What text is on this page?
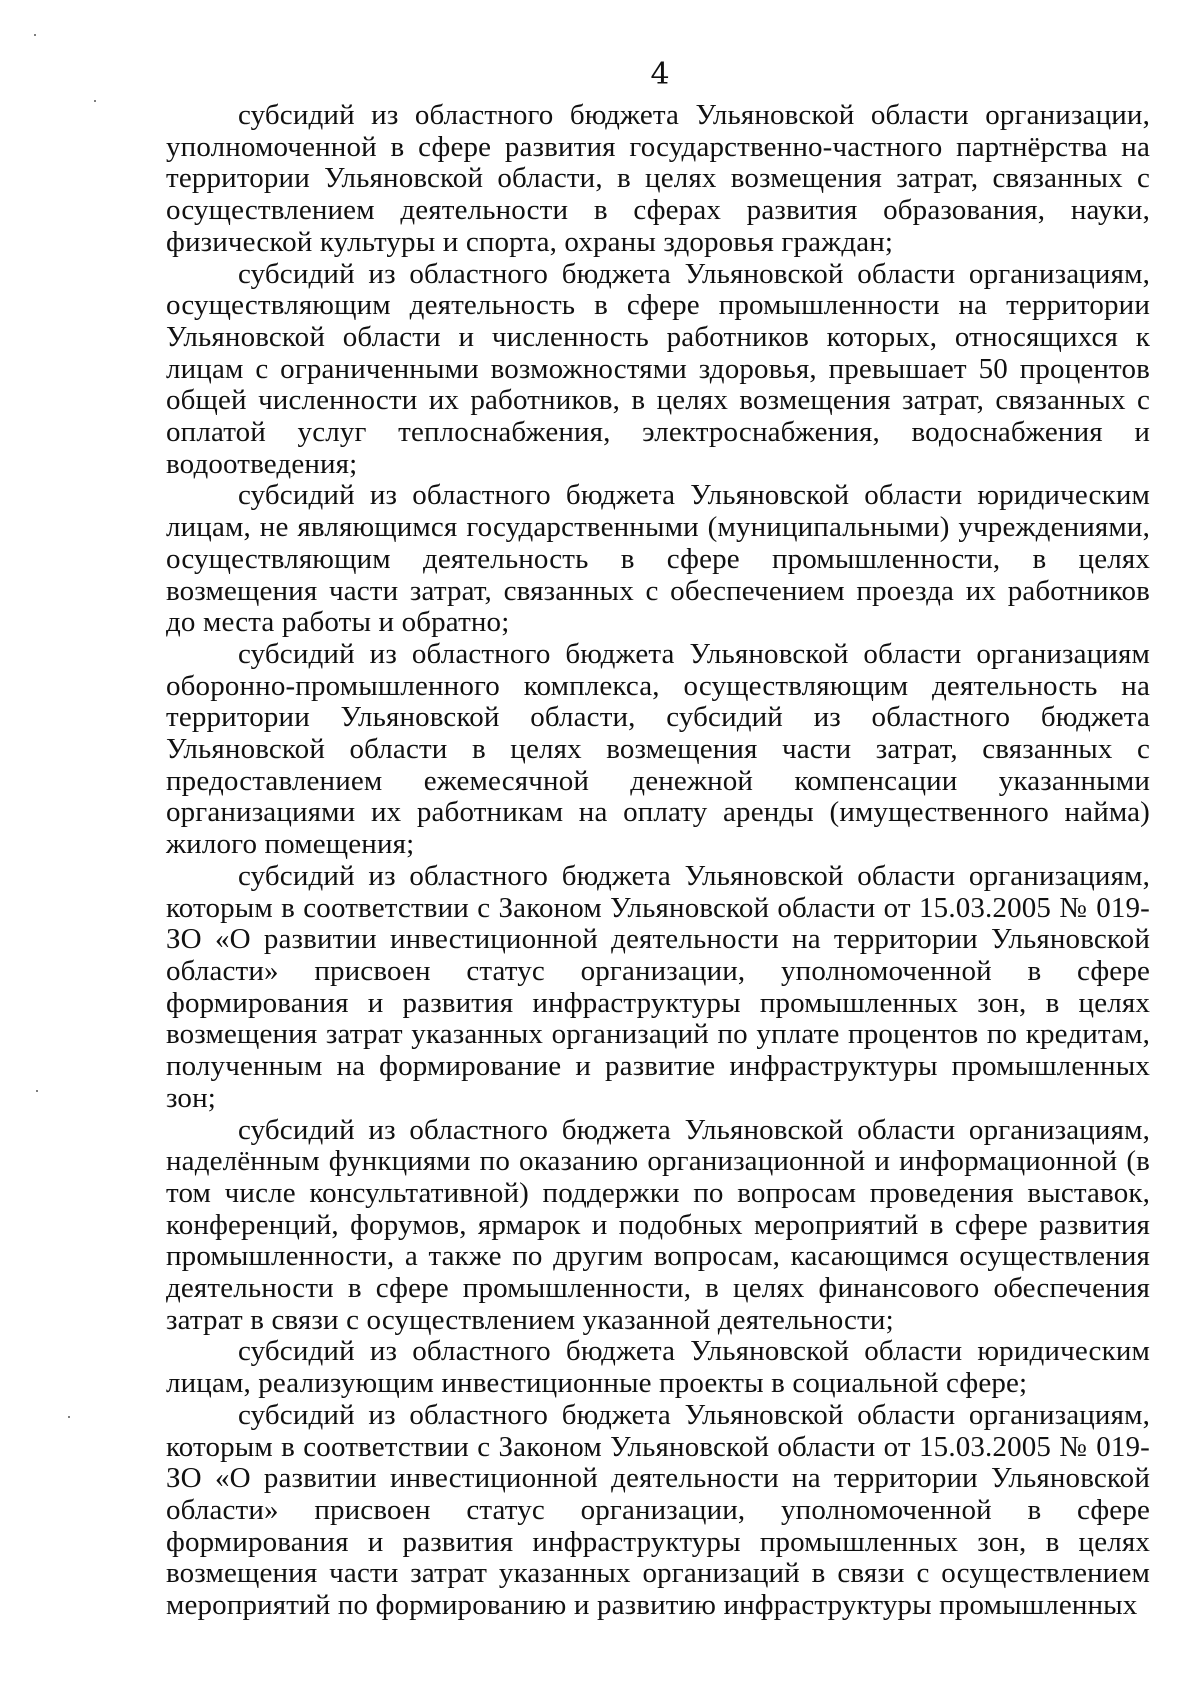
4

субсидий из областного бюджета Ульяновской области организации, уполномоченной в сфере развития государственно-частного партнёрства на территории Ульяновской области, в целях возмещения затрат, связанных с осуществлением деятельности в сферах развития образования, науки, физической культуры и спорта, охраны здоровья граждан;

субсидий из областного бюджета Ульяновской области организациям, осуществляющим деятельность в сфере промышленности на территории Ульяновской области и численность работников которых, относящихся к лицам с ограниченными возможностями здоровья, превышает 50 процентов общей численности их работников, в целях возмещения затрат, связанных с оплатой услуг теплоснабжения, электроснабжения, водоснабжения и водоотведения;

субсидий из областного бюджета Ульяновской области юридическим лицам, не являющимся государственными (муниципальными) учреждениями, осуществляющим деятельность в сфере промышленности, в целях возмещения части затрат, связанных с обеспечением проезда их работников до места работы и обратно;

субсидий из областного бюджета Ульяновской области организациям оборонно-промышленного комплекса, осуществляющим деятельность на территории Ульяновской области, субсидий из областного бюджета Ульяновской области в целях возмещения части затрат, связанных с предоставлением ежемесячной денежной компенсации указанными организациями их работникам на оплату аренды (имущественного найма) жилого помещения;

субсидий из областного бюджета Ульяновской области организациям, которым в соответствии с Законом Ульяновской области от 15.03.2005 № 019-ЗО «О развитии инвестиционной деятельности на территории Ульяновской области» присвоен статус организации, уполномоченной в сфере формирования и развития инфраструктуры промышленных зон, в целях возмещения затрат указанных организаций по уплате процентов по кредитам, полученным на формирование и развитие инфраструктуры промышленных зон;

субсидий из областного бюджета Ульяновской области организациям, наделённым функциями по оказанию организационной и информационной (в том числе консультативной) поддержки по вопросам проведения выставок, конференций, форумов, ярмарок и подобных мероприятий в сфере развития промышленности, а также по другим вопросам, касающимся осуществления деятельности в сфере промышленности, в целях финансового обеспечения затрат в связи с осуществлением указанной деятельности;

субсидий из областного бюджета Ульяновской области юридическим лицам, реализующим инвестиционные проекты в социальной сфере;

субсидий из областного бюджета Ульяновской области организациям, которым в соответствии с Законом Ульяновской области от 15.03.2005 № 019-ЗО «О развитии инвестиционной деятельности на территории Ульяновской области» присвоен статус организации, уполномоченной в сфере формирования и развития инфраструктуры промышленных зон, в целях возмещения части затрат указанных организаций в связи с осуществлением мероприятий по формированию и развитию инфраструктуры промышленных
